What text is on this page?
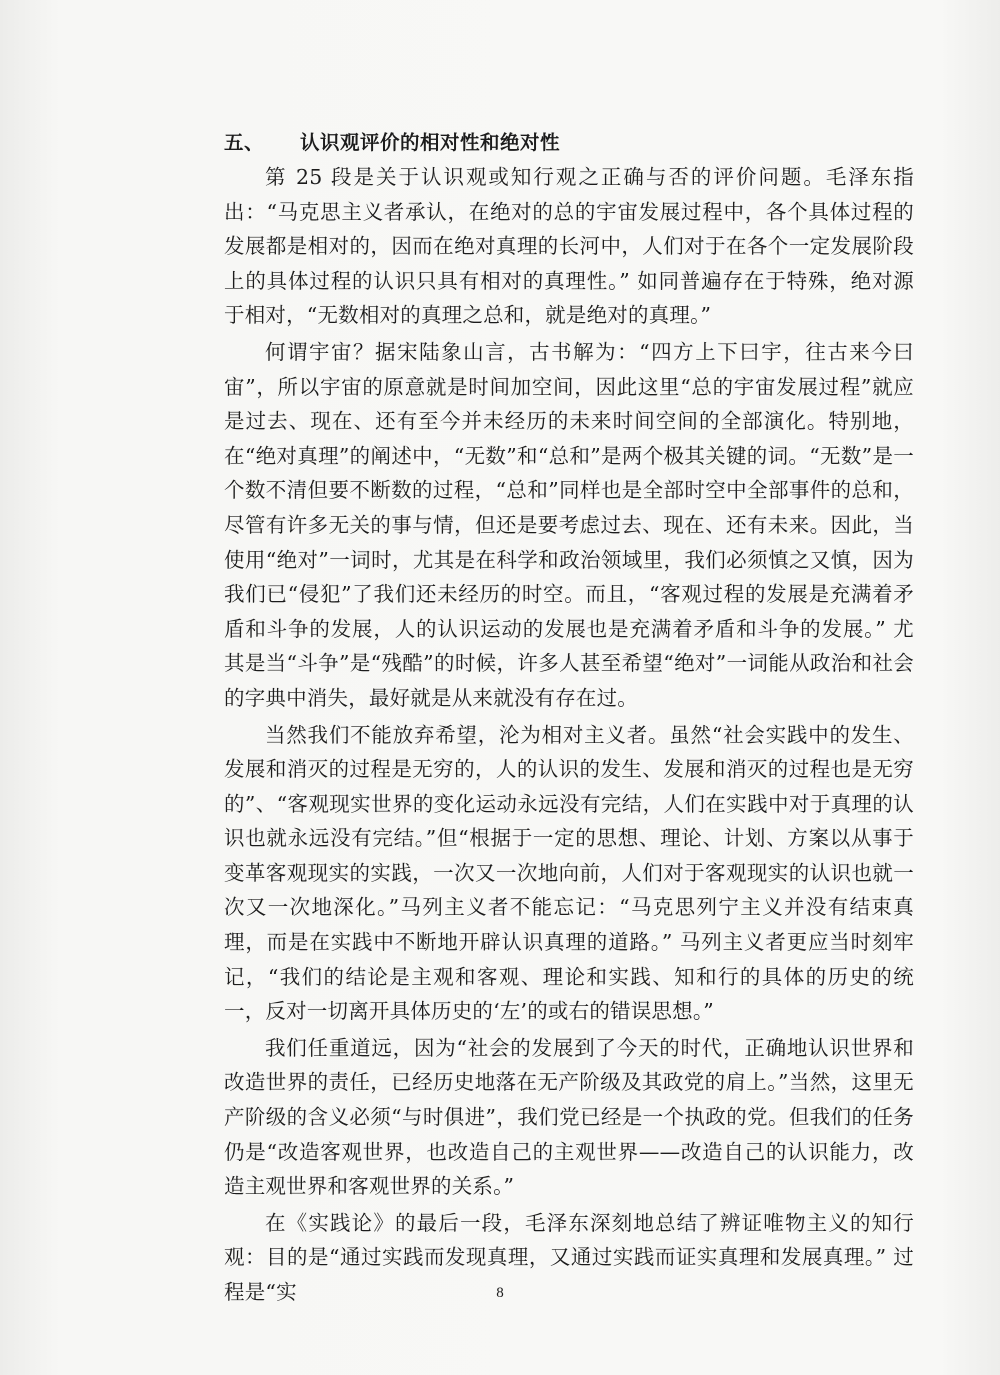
五、 认识观评价的相对性和绝对性

第 25 段是关于认识观或知行观之正确与否的评价问题。毛泽东指出：“马克思主义者承认，在绝对的总的宇宙发展过程中，各个具体过程的发展都是相对的，因而在绝对真理的长河中，人们对于在各个一定发展阶段上的具体过程的认识只具有相对的真理性。” 如同普遍存在于特殊，绝对源于相对，“无数相对的真理之总和，就是绝对的真理。”

何谓宇宙？据宋陆象山言，古书解为：“四方上下曰宇，往古来今曰宙”，所以宇宙的原意就是时间加空间，因此这里“总的宇宙发展过程”就应是过去、现在、还有至今并未经历的未来时间空间的全部演化。特别地，在“绝对真理”的阐述中，“无数”和“总和”是两个极其关键的词。“无数”是一个数不清但要不断数的过程，“总和”同样也是全部时空中全部事件的总和，尽管有许多无关的事与情，但还是要考虑过去、现在、还有未来。因此，当使用“绝对”一词时，尤其是在科学和政治领域里，我们必须慎之又慎，因为我们已“侵犯”了我们还未经历的时空。而且，“客观过程的发展是充满着矛盾和斗争的发展，人的认识运动的发展也是充满着矛盾和斗争的发展。” 尤其是当“斗争”是“残酷”的时候，许多人甚至希望“绝对”一词能从政治和社会的字典中消失，最好就是从来就没有存在过。

当然我们不能放弃希望，沦为相对主义者。虽然“社会实践中的发生、发展和消灭的过程是无穷的，人的认识的发生、发展和消灭的过程也是无穷的”、“客观现实世界的变化运动永远没有完结，人们在实践中对于真理的认识也就永远没有完结。”但“根据于一定的思想、理论、计划、方案以从事于变革客观现实的实践，一次又一次地向前，人们对于客观现实的认识也就一次又一次地深化。”马列主义者不能忘记：“马克思列宁主义并没有结束真理，而是在实践中不断地开辟认识真理的道路。” 马列主义者更应当时刻牢记，“我们的结论是主观和客观、理论和实践、知和行的具体的历史的统一，反对一切离开具体历史的‘左’的或右的错误思想。”

我们任重道远，因为“社会的发展到了今天的时代，正确地认识世界和改造世界的责任，已经历史地落在无产阶级及其政党的肩上。”当然，这里无产阶级的含义必须“与时俱进”，我们党已经是一个执政的党。但我们的任务仍是“改造客观世界，也改造自己的主观世界——改造自己的认识能力，改造主观世界和客观世界的关系。”

在《实践论》的最后一段，毛泽东深刻地总结了辨证唯物主义的知行观：目的是“通过实践而发现真理，又通过实践而证实真理和发展真理。” 过程是“实	8
